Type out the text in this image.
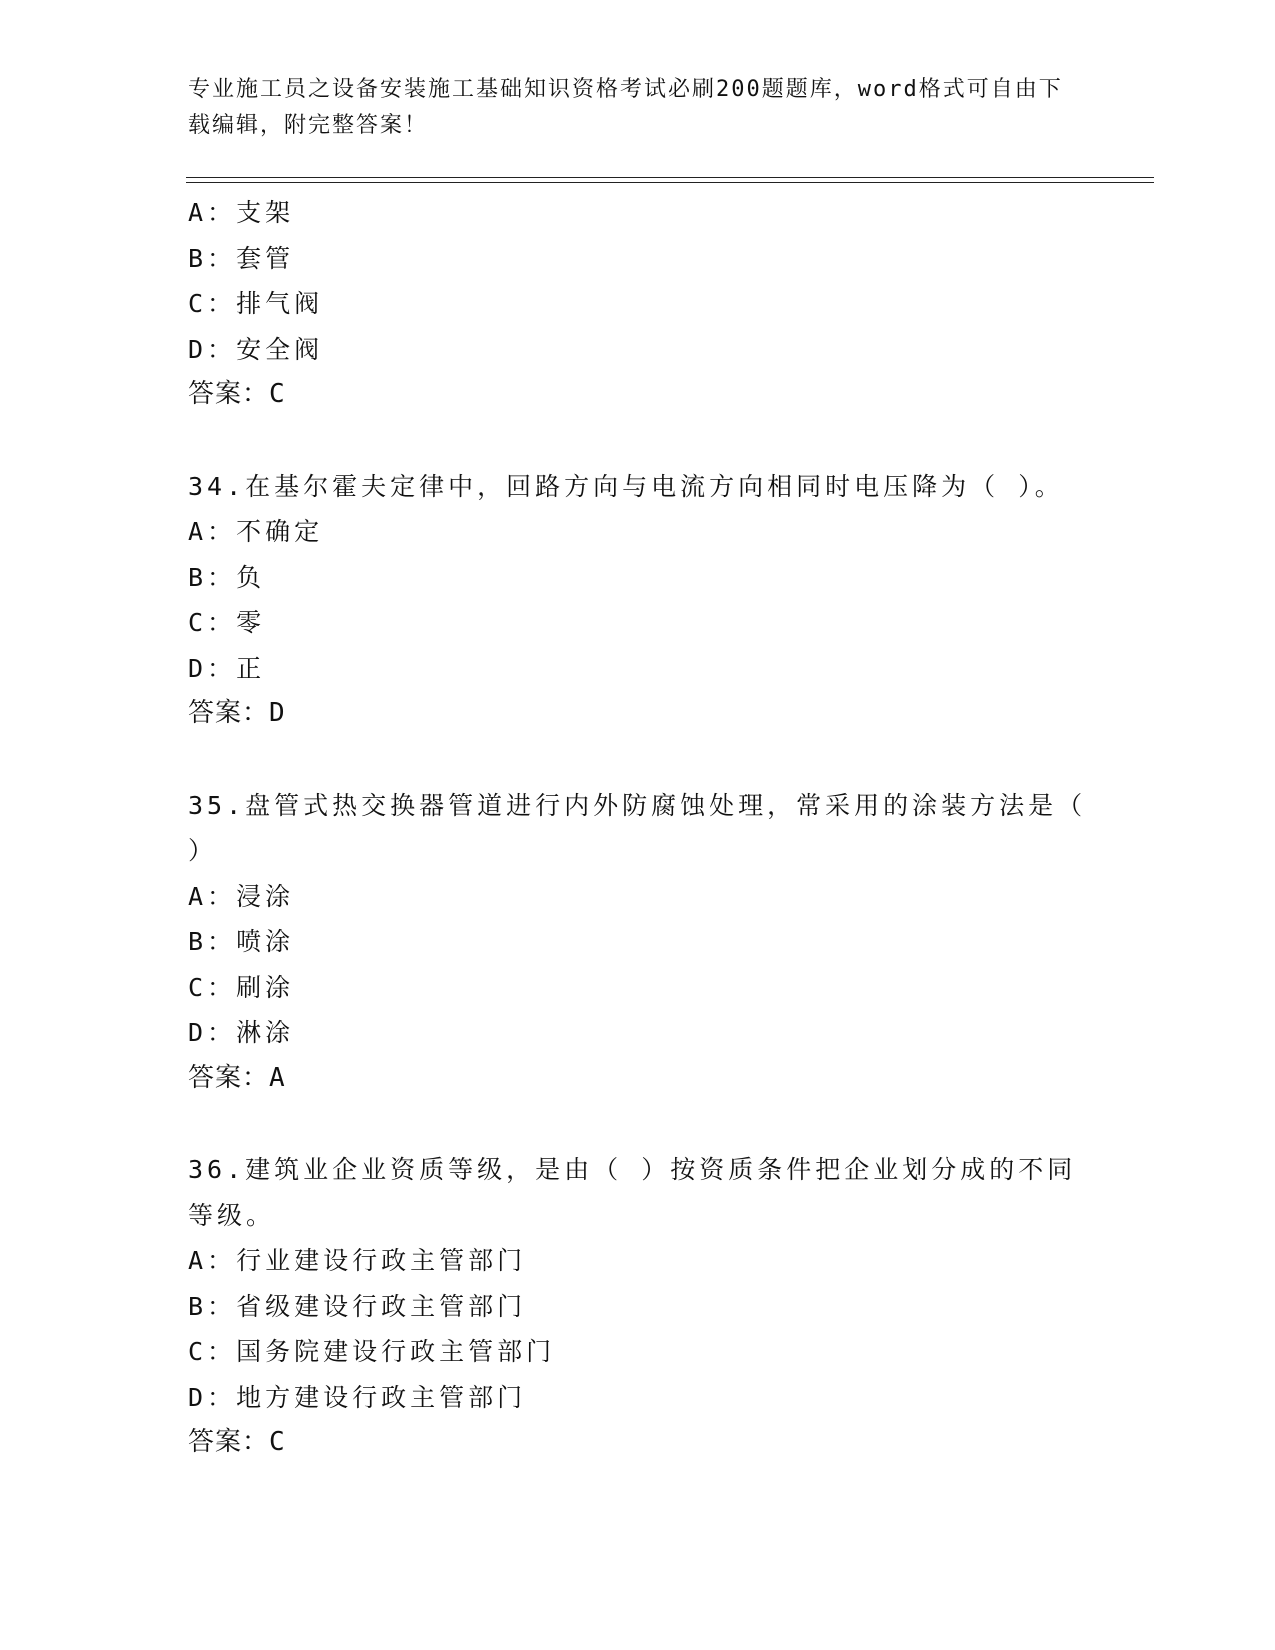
专业施工员之设备安装施工基础知识资格考试必刷200题题库，word格式可自由下载编辑，附完整答案！
A：支架
B：套管
C：排气阀
D：安全阀
答案：C
34.在基尔霍夫定律中，回路方向与电流方向相同时电压降为（ ）。
A：不确定
B：负
C：零
D：正
答案：D
35.盘管式热交换器管道进行内外防腐蚀处理，常采用的涂装方法是（ ）
A：浸涂
B：喷涂
C：刷涂
D：淋涂
答案：A
36.建筑业企业资质等级，是由（ ）按资质条件把企业划分成的不同等级。
A：行业建设行政主管部门
B：省级建设行政主管部门
C：国务院建设行政主管部门
D：地方建设行政主管部门
答案：C
